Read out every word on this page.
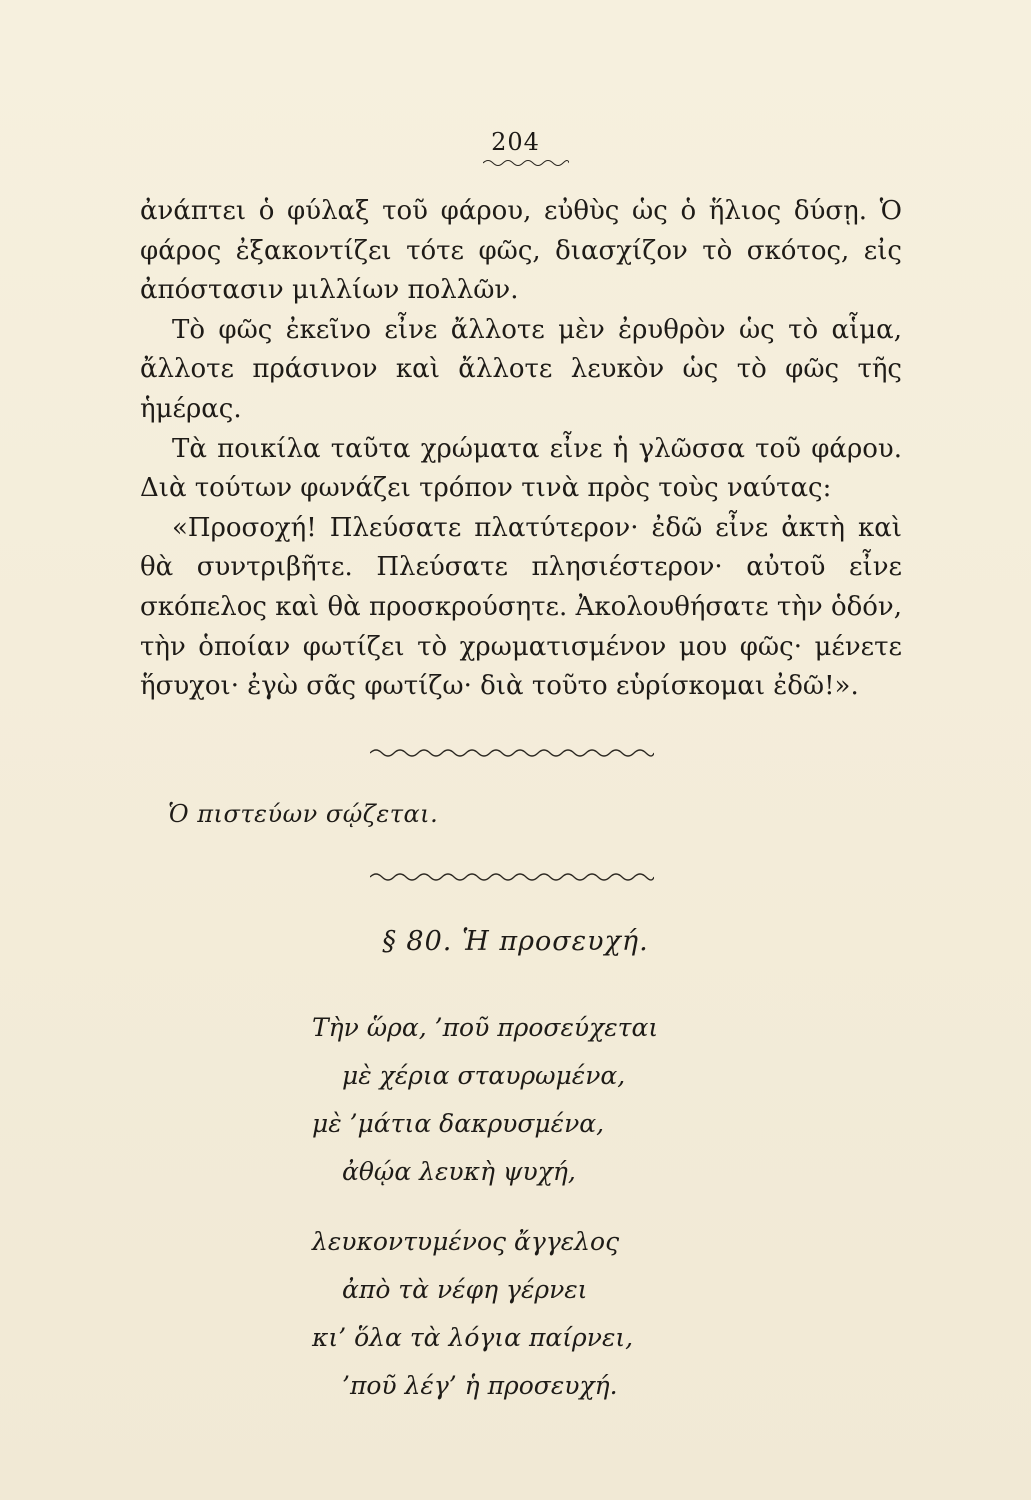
204

ἀνάπτει ὁ φύλαξ τοῦ φάρου, εὐθὺς ὡς ὁ ἥλιος δύσῃ. Ὁ φάρος ἐξακοντίζει τότε φῶς, διασχίζον τὸ σκότος, εἰς ἀπόστασιν μιλλίων πολλῶν.

Τὸ φῶς ἐκεῖνο εἶνε ἄλλοτε μὲν ἐρυθρὸν ὡς τὸ αἷμα, ἄλλοτε πράσινον καὶ ἄλλοτε λευκὸν ὡς τὸ φῶς τῆς ἡμέρας.

Τὰ ποικίλα ταῦτα χρώματα εἶνε ἡ γλῶσσα τοῦ φάρου. Διὰ τούτων φωνάζει τρόπον τινὰ πρὸς τοὺς ναύτας:

«Προσοχή! Πλεύσατε πλατύτερον· ἐδῶ εἶνε ἀκτὴ καὶ θὰ συντριβῆτε. Πλεύσατε πλησιέστερον· αὐτοῦ εἶνε σκόπελος καὶ θὰ προσκρούσητε. Ἀκολουθήσατε τὴν ὁδόν, τὴν ὁποίαν φωτίζει τὸ χρωματισμένον μου φῶς· μένετε ἥσυχοι· ἐγὼ σᾶς φωτίζω· διὰ τοῦτο εὑρίσκομαι ἐδῶ!».

Ὁ πιστεύων σῴζεται.
§ 80. Ἡ προσευχή.
Τὴν ὥρα, ’ποῦ προσεύχεται
μὲ χέρια σταυρωμένα,
μὲ ’μάτια δακρυσμένα,
ἀθῴα λευκὴ ψυχή,
λευκοντυμένος ἄγγελος
ἀπὸ τὰ νέφη γέρνει
κι’ ὅλα τὰ λόγια παίρνει,
’ποῦ λέγ’ ἡ προσευχή.
